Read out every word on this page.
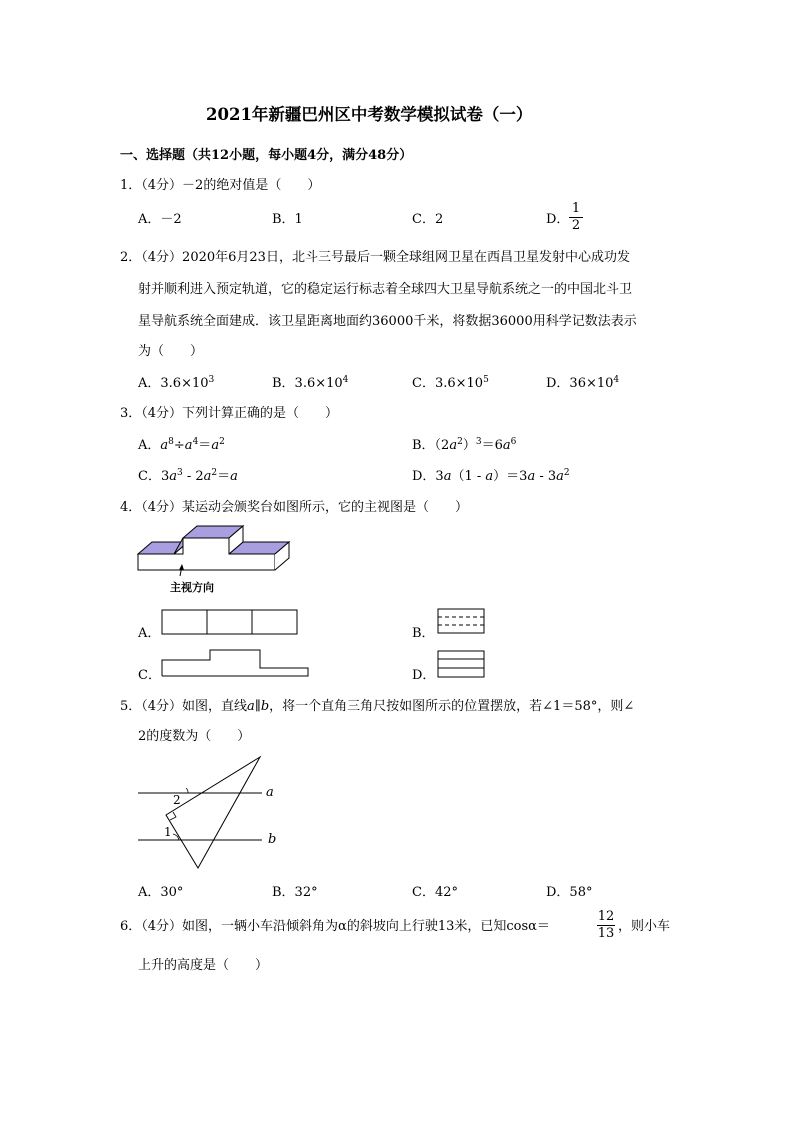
2021年新疆巴州区中考数学模拟试卷（一）
一、选择题（共12小题，每小题4分，满分48分）
1．（4分）－2的绝对值是（　　）
A．－2	B．1	C．2	D．
1
2
2．（4分）2020年6月23日，北斗三号最后一颗全球组网卫星在西昌卫星发射中心成功发
射并顺利进入预定轨道，它的稳定运行标志着全球四大卫星导航系统之一的中国北斗卫
星导航系统全面建成．该卫星距离地面约36000千米，将数据36000用科学记数法表示
为（　　）
A．$3.6\times 10^3$	B．$3.6\times 10^4$	C．$3.6\times 10^5$	D．$36\times 10^4$
3．（4分）下列计算正确的是（　　）
A．$a^8\div a^4=a^2$	B．$(2a^2)^3=6a^6$
C．$3a^3 - 2a^2=a$	D．$3a(1 - a)=3a - 3a^2$
4．（4分）某运动会颁奖台如图所示，它的主视图是（　　）
主视方向
A．	B．
C．	D．
5．（4分）如图，直线a∥b，将一个直角三角尺按如图所示的位置摆放，若∠1＝58°，则∠
2的度数为（　　）
a
b
2
1
A．30°	B．32°	C．42°	D．58°
6．（4分）如图，一辆小车沿倾斜角为α的斜坡向上行驶13米，已知cosα＝
12
13 ，则小车
上升的高度是（　　）
